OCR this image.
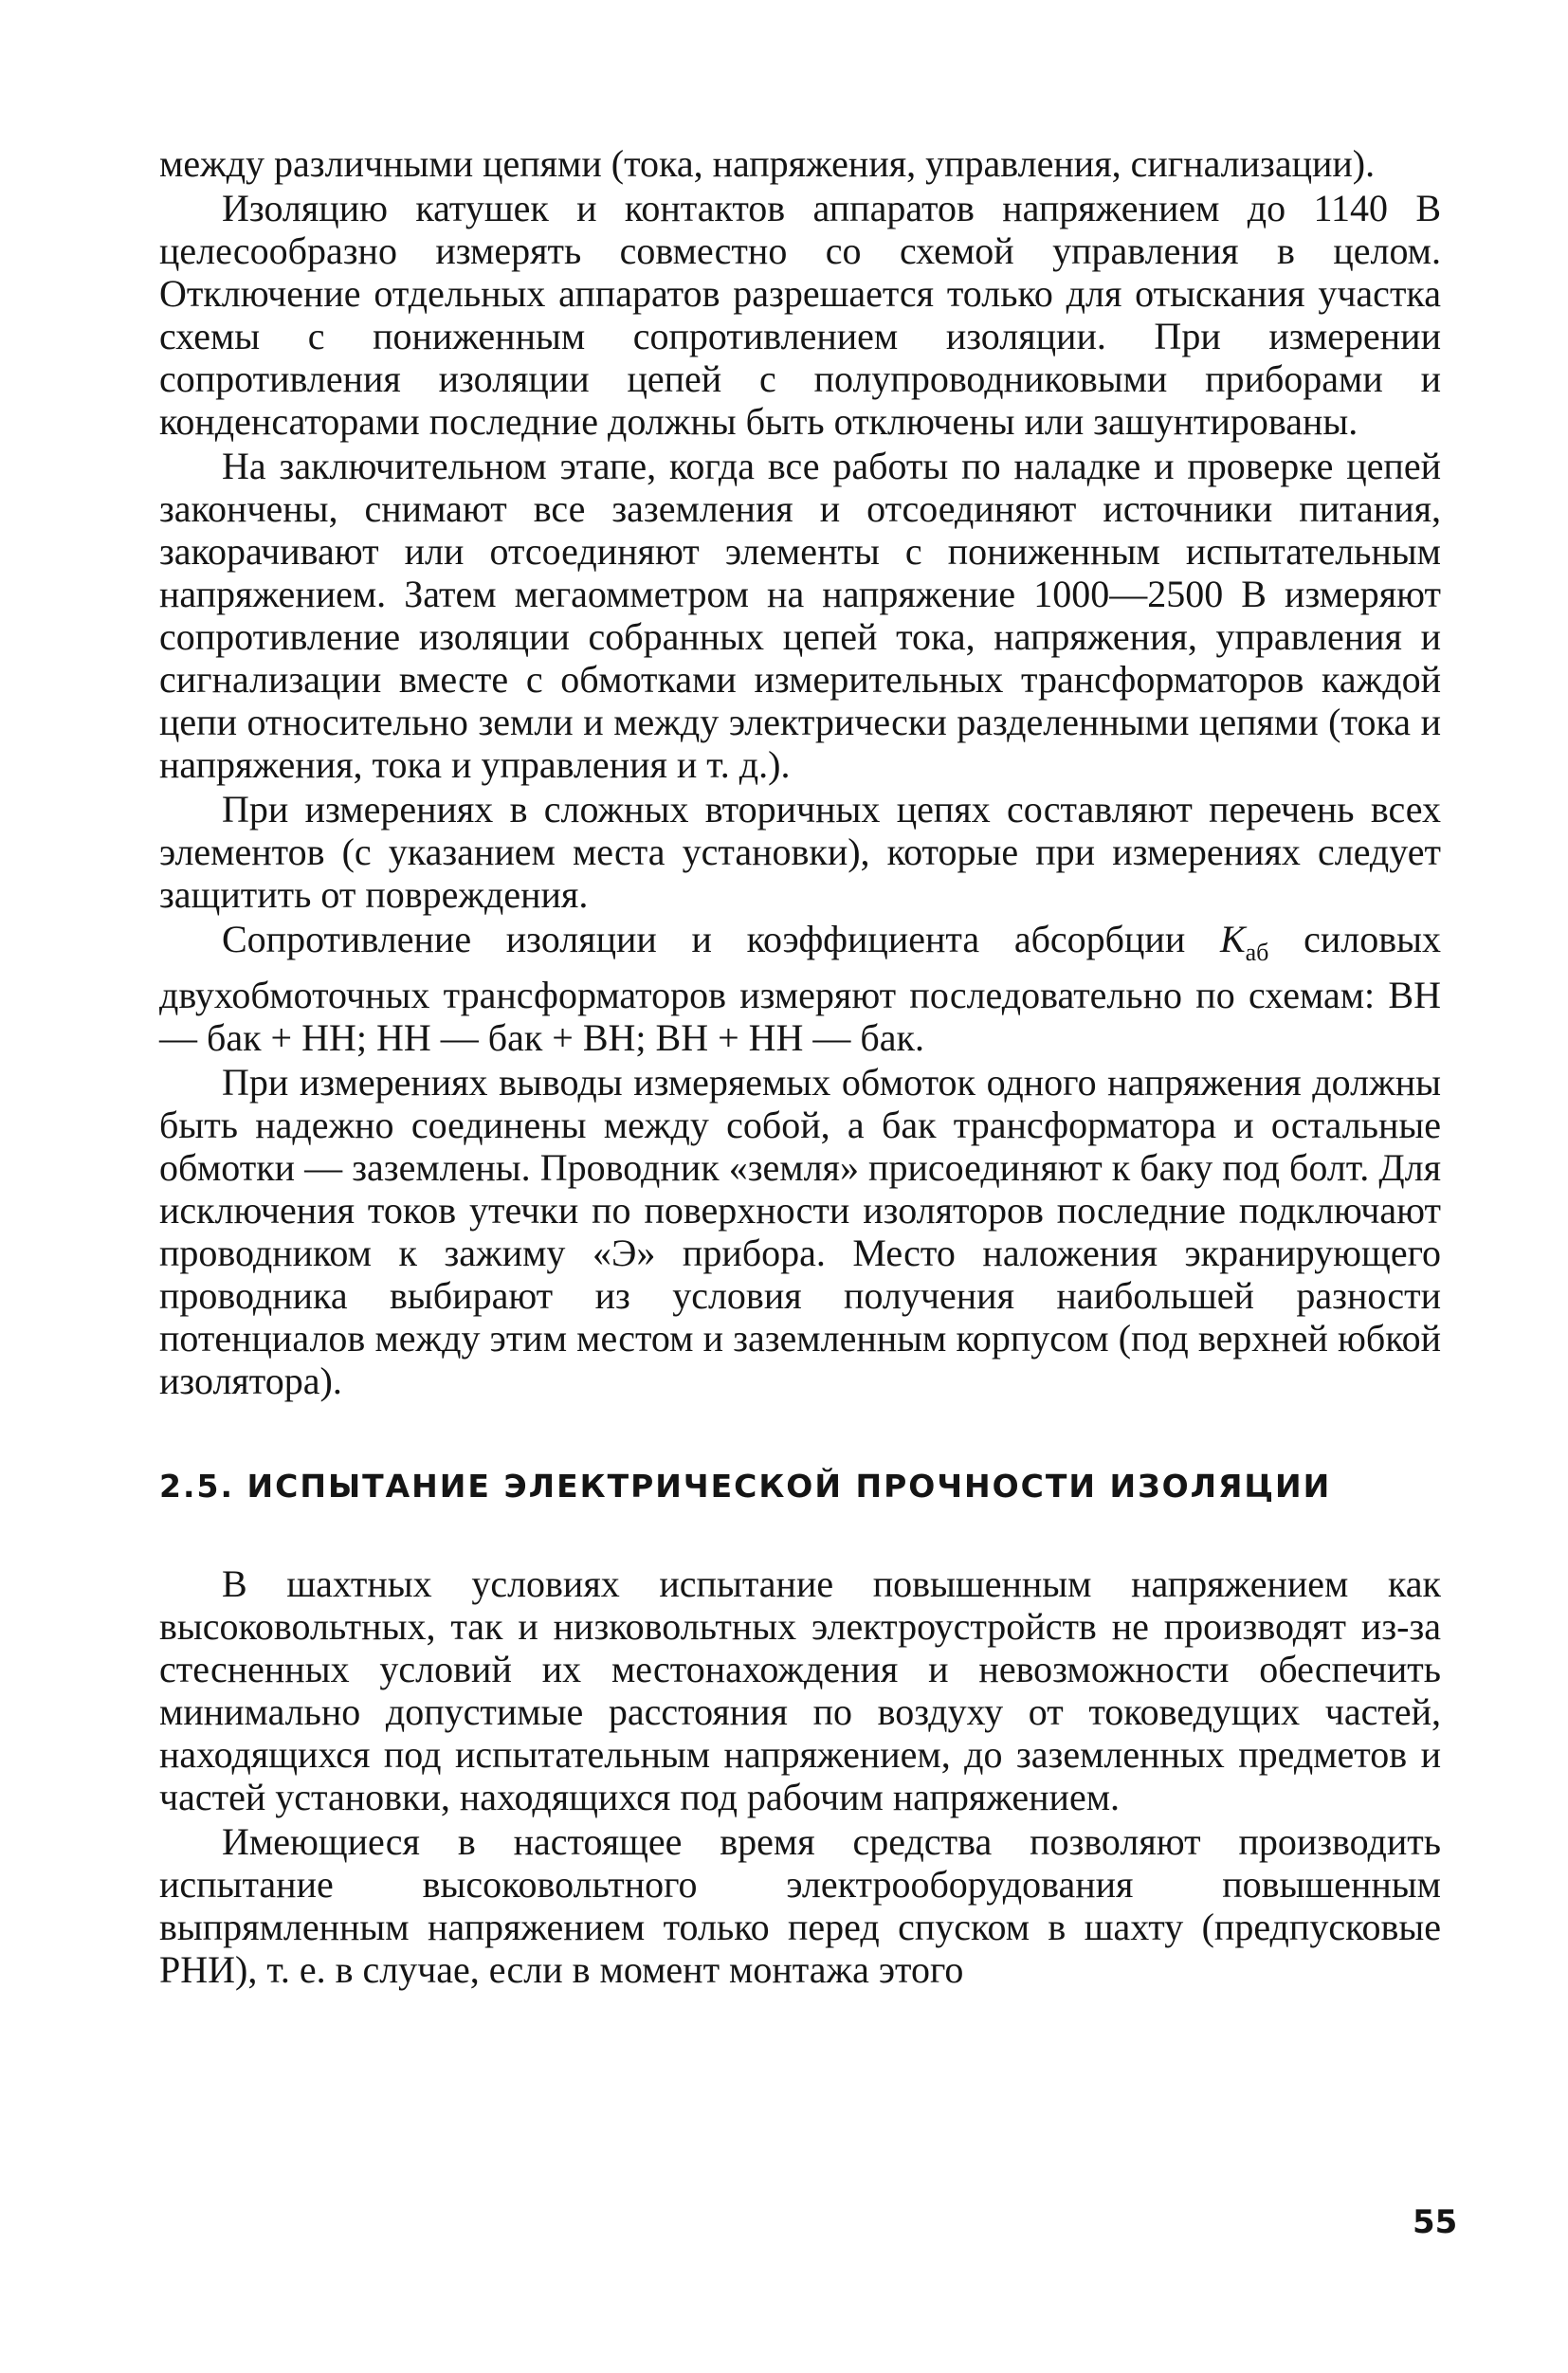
между различными цепями (тока, напряжения, управления, сигнализации).

Изоляцию катушек и контактов аппаратов напряжением до 1140 В целесообразно измерять совместно со схемой управления в целом. Отключение отдельных аппаратов разрешается только для отыскания участка схемы с пониженным сопротивлением изоляции. При измерении сопротивления изоляции цепей с полупроводниковыми приборами и конденсаторами последние должны быть отключены или зашунтированы.

На заключительном этапе, когда все работы по наладке и проверке цепей закончены, снимают все заземления и отсоединяют источники питания, закорачивают или отсоединяют элементы с пониженным испытательным напряжением. Затем мегаомметром на напряжение 1000—2500 В измеряют сопротивление изоляции собранных цепей тока, напряжения, управления и сигнализации вместе с обмотками измерительных трансформаторов каждой цепи относительно земли и между электрически разделенными цепями (тока и напряжения, тока и управления и т. д.).

При измерениях в сложных вторичных цепях составляют перечень всех элементов (с указанием места установки), которые при измерениях следует защитить от повреждения.

Сопротивление изоляции и коэффициента абсорбции $K_{аб}$ силовых двухобмоточных трансформаторов измеряют последовательно по схемам: ВН — бак + НН; НН — бак + ВН; ВН + НН — бак.

При измерениях выводы измеряемых обмоток одного напряжения должны быть надежно соединены между собой, а бак трансформатора и остальные обмотки — заземлены. Проводник «земля» присоединяют к баку под болт. Для исключения токов утечки по поверхности изоляторов последние подключают проводником к зажиму «Э» прибора. Место наложения экранирующего проводника выбирают из условия получения наибольшей разности потенциалов между этим местом и заземленным корпусом (под верхней юбкой изолятора).

2.5. ИСПЫТАНИЕ ЭЛЕКТРИЧЕСКОЙ ПРОЧНОСТИ ИЗОЛЯЦИИ

В шахтных условиях испытание повышенным напряжением как высоковольтных, так и низковольтных электроустройств не производят из-за стесненных условий их местонахождения и невозможности обеспечить минимально допустимые расстояния по воздуху от токоведущих частей, находящихся под испытательным напряжением, до заземленных предметов и частей установки, находящихся под рабочим напряжением.

Имеющиеся в настоящее время средства позволяют производить испытание высоковольтного электрооборудования повышенным выпрямленным напряжением только перед спуском в шахту (предпусковые РНИ), т. е. в случае, если в момент монтажа этого

55
